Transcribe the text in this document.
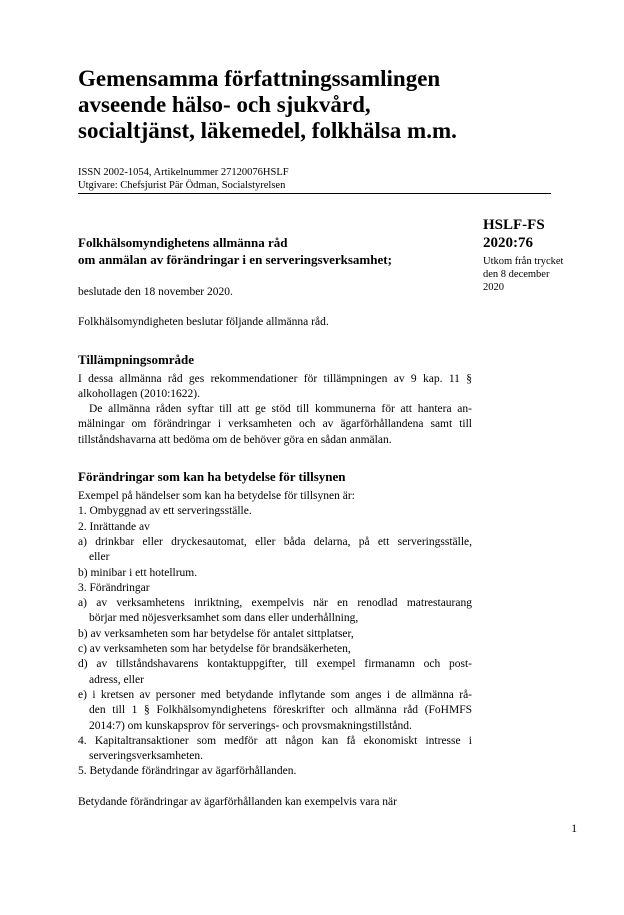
Gemensamma författningssamlingen
avseende hälso- och sjukvård,
socialtjänst, läkemedel, folkhälsa m.m.
ISSN 2002-1054, Artikelnummer 27120076HSLF
Utgivare: Chefsjurist Pär Ödman, Socialstyrelsen
HSLF-FS
2020:76
Utkom från trycket
den 8 december
2020
Folkhälsomyndighetens allmänna råd
om anmälan av förändringar i en serveringsverksamhet;
beslutade den 18 november 2020.
Folkhälsomyndigheten beslutar följande allmänna råd.
Tillämpningsområde
I dessa allmänna råd ges rekommendationer för tillämpningen av 9 kap. 11 §
alkohollagen (2010:1622).
De allmänna råden syftar till att ge stöd till kommunerna för att hantera an-
mälningar om förändringar i verksamheten och av ägarförhållandena samt till
tillståndshavarna att bedöma om de behöver göra en sådan anmälan.
Förändringar som kan ha betydelse för tillsynen
Exempel på händelser som kan ha betydelse för tillsynen är:
1. Ombyggnad av ett serveringsställe.
2. Inrättande av
a) drinkbar eller dryckesautomat, eller båda delarna, på ett serveringsställe,
eller
b) minibar i ett hotellrum.
3. Förändringar
a) av verksamhetens inriktning, exempelvis när en renodlad matrestaurang
börjar med nöjesverksamhet som dans eller underhållning,
b) av verksamheten som har betydelse för antalet sittplatser,
c) av verksamheten som har betydelse för brandsäkerheten,
d) av tillståndshavarens kontaktuppgifter, till exempel firmanamn och post-
adress, eller
e) i kretsen av personer med betydande inflytande som anges i de allmänna rå-
den till 1 § Folkhälsomyndighetens föreskrifter och allmänna råd (FoHMFS
2014:7) om kunskapsprov för serverings- och provsmakningstillstånd.
4. Kapitaltransaktioner som medför att någon kan få ekonomiskt intresse i
serveringsverksamheten.
5. Betydande förändringar av ägarförhållanden.
Betydande förändringar av ägarförhållanden kan exempelvis vara när
1
